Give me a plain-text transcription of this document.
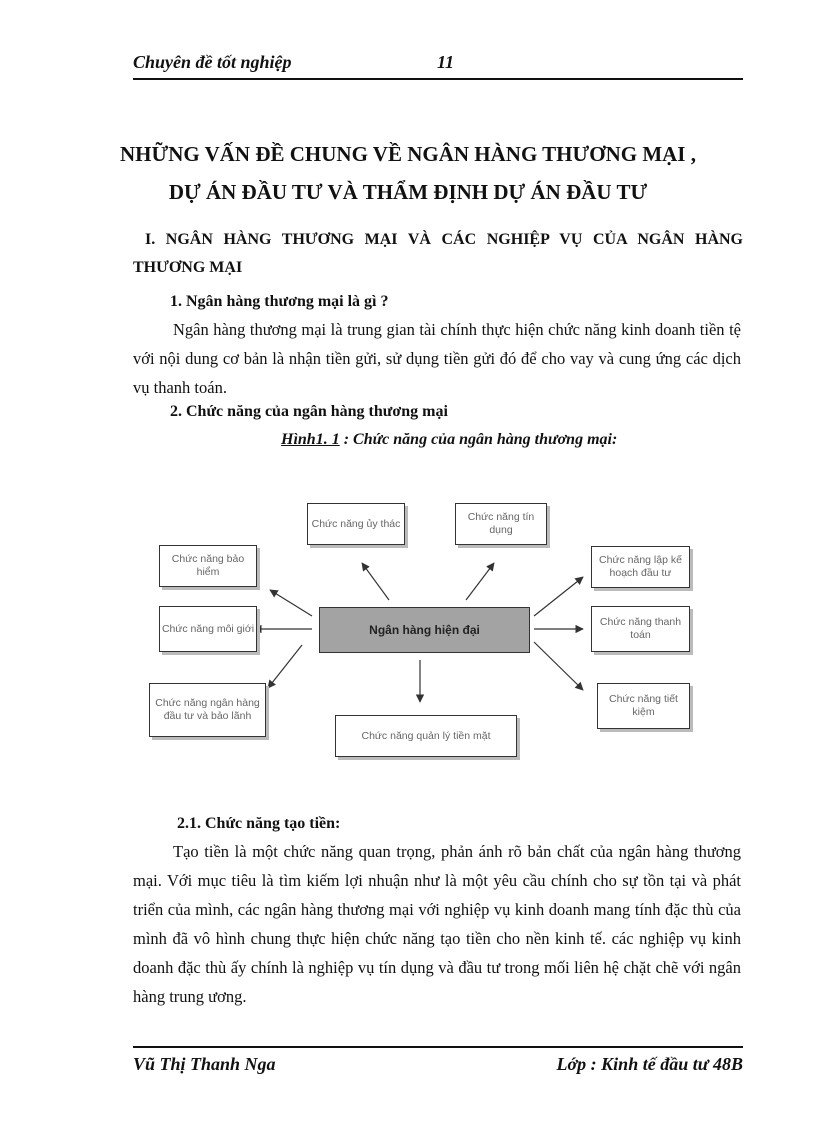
Chuyên đề tốt nghiệp	11
NHỮNG VẤN ĐỀ CHUNG VỀ NGÂN HÀNG THƯƠNG MẠI ,
DỰ ÁN ĐẦU TƯ VÀ THẨM ĐỊNH DỰ ÁN ĐẦU TƯ
I. NGÂN HÀNG THƯƠNG MẠI VÀ CÁC NGHIỆP VỤ CỦA NGÂN HÀNG THƯƠNG MẠI
1. Ngân hàng thương mại là gì ?
Ngân hàng thương mại là trung gian tài chính thực hiện chức năng kinh doanh tiền tệ với nội dung cơ bản là nhận tiền gửi, sử dụng tiền gửi đó để cho vay và cung ứng các dịch vụ thanh toán.
2. Chức năng của ngân hàng thương mại
Hình1. 1 : Chức năng của ngân hàng thương mại:
Ngân hàng hiện đại
Chức năng ủy thác
Chức năng tín dụng
Chức năng bảo hiểm
Chức năng môi giới
Chức năng ngân hàng đầu tư và bảo lãnh
Chức năng quản lý tiền mặt
Chức năng lập kế hoạch đầu tư
Chức năng thanh toán
Chức năng tiết kiệm
2.1. Chức năng tạo tiền:
Tạo tiền là một chức năng quan trọng, phản ánh rõ bản chất của ngân hàng thương mại. Với mục tiêu là tìm kiếm lợi nhuận như là một yêu cầu chính cho sự tồn tại và phát triển của mình, các ngân hàng thương mại với nghiệp vụ kinh doanh mang tính đặc thù của mình đã vô hình chung thực hiện chức năng tạo tiền cho nền kinh tế. các nghiệp vụ kinh doanh đặc thù ấy chính là nghiệp vụ tín dụng và đầu tư trong mối liên hệ chặt chẽ với ngân hàng trung ương.
Vũ Thị Thanh Nga	Lớp : Kinh tế đầu tư 48B
